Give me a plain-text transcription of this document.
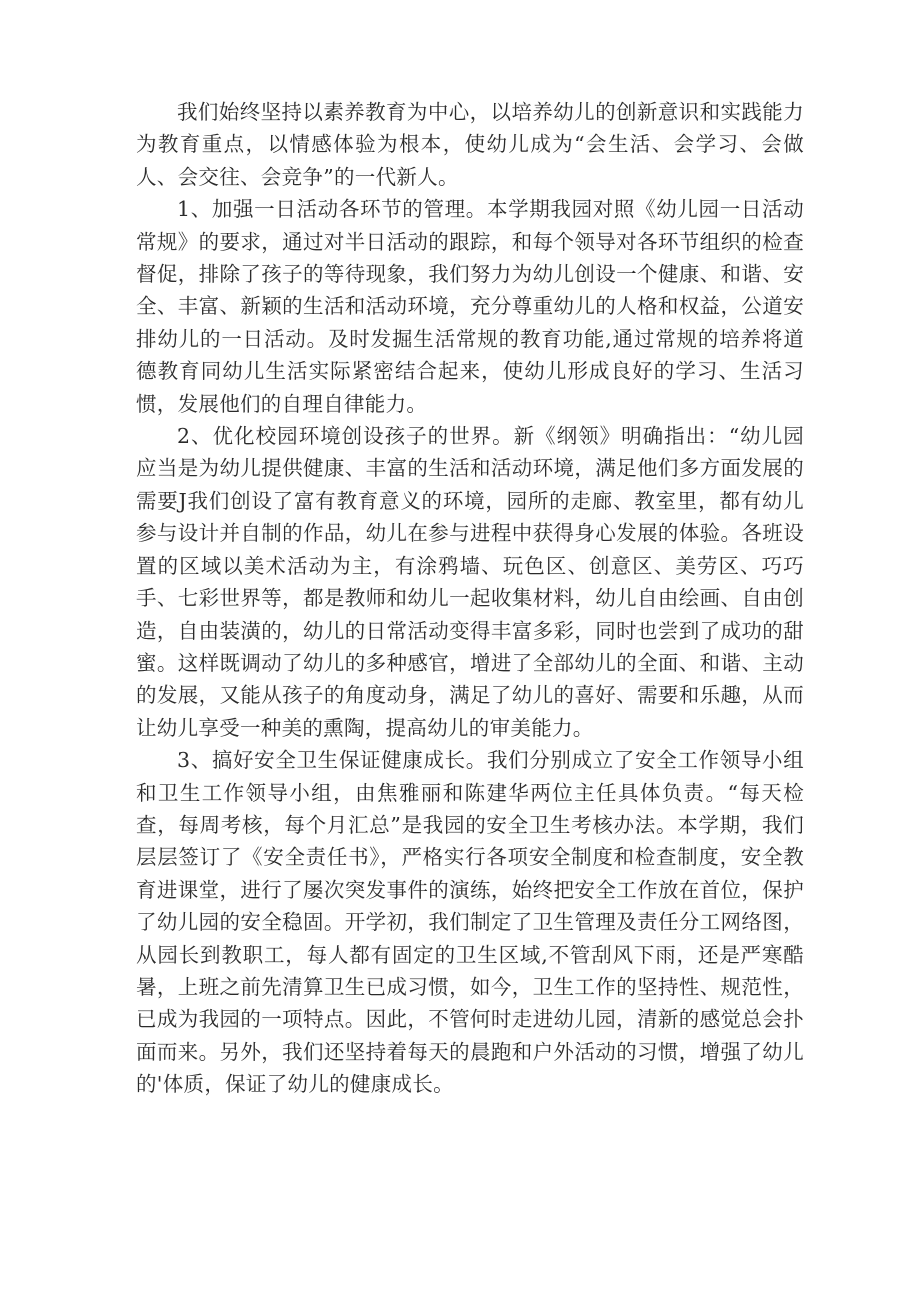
我们始终坚持以素养教育为中心，以培养幼儿的创新意识和实践能力为教育重点，以情感体验为根本，使幼儿成为“会生活、会学习、会做人、会交往、会竞争”的一代新人。

1、加强一日活动各环节的管理。本学期我园对照《幼儿园一日活动常规》的要求，通过对半日活动的跟踪，和每个领导对各环节组织的检查督促，排除了孩子的等待现象，我们努力为幼儿创设一个健康、和谐、安全、丰富、新颖的生活和活动环境，充分尊重幼儿的人格和权益，公道安排幼儿的一日活动。及时发掘生活常规的教育功能,通过常规的培养将道德教育同幼儿生活实际紧密结合起来，使幼儿形成良好的学习、生活习惯，发展他们的自理自律能力。

2、优化校园环境创设孩子的世界。新《纲领》明确指出：“幼儿园应当是为幼儿提供健康、丰富的生活和活动环境，满足他们多方面发展的需要J我们创设了富有教育意义的环境，园所的走廊、教室里，都有幼儿参与设计并自制的作品，幼儿在参与进程中获得身心发展的体验。各班设置的区域以美术活动为主，有涂鸦墙、玩色区、创意区、美劳区、巧巧手、七彩世界等，都是教师和幼儿一起收集材料，幼儿自由绘画、自由创造，自由装潢的，幼儿的日常活动变得丰富多彩，同时也尝到了成功的甜蜜。这样既调动了幼儿的多种感官，增进了全部幼儿的全面、和谐、主动的发展，又能从孩子的角度动身，满足了幼儿的喜好、需要和乐趣，从而让幼儿享受一种美的熏陶，提高幼儿的审美能力。

3、搞好安全卫生保证健康成长。我们分别成立了安全工作领导小组和卫生工作领导小组，由焦雅丽和陈建华两位主任具体负责。“每天检查，每周考核，每个月汇总”是我园的安全卫生考核办法。本学期，我们层层签订了《安全责任书》，严格实行各项安全制度和检查制度，安全教育进课堂，进行了屡次突发事件的演练，始终把安全工作放在首位，保护了幼儿园的安全稳固。开学初，我们制定了卫生管理及责任分工网络图，从园长到教职工，每人都有固定的卫生区域,不管刮风下雨，还是严寒酷暑，上班之前先清算卫生已成习惯，如今，卫生工作的坚持性、规范性，已成为我园的一项特点。因此，不管何时走进幼儿园，清新的感觉总会扑面而来。另外，我们还坚持着每天的晨跑和户外活动的习惯，增强了幼儿的'体质，保证了幼儿的健康成长。
